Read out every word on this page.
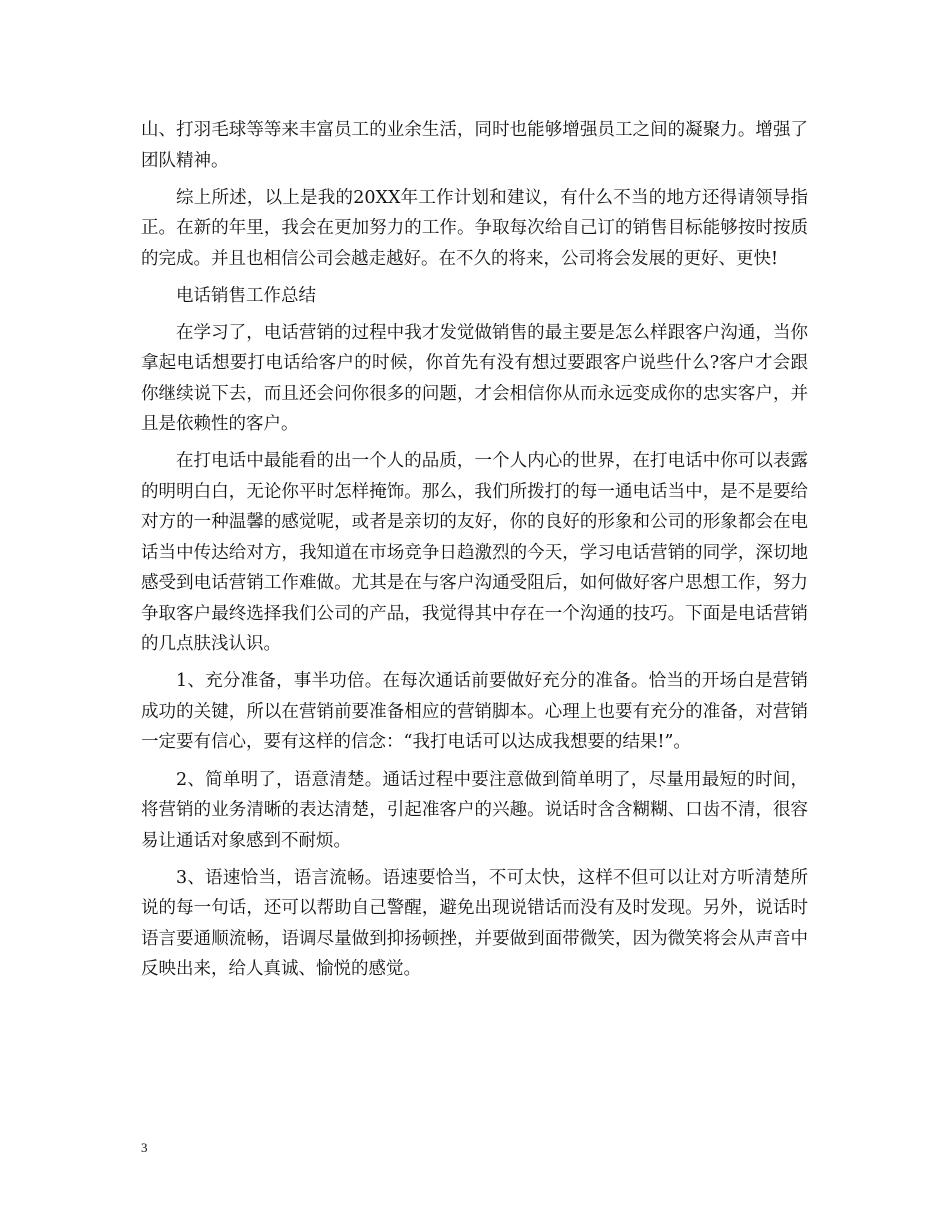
山、打羽毛球等等来丰富员工的业余生活，同时也能够增强员工之间的凝聚力。增强了团队精神。

综上所述，以上是我的20XX年工作计划和建议，有什么不当的地方还得请领导指正。在新的年里，我会在更加努力的工作。争取每次给自己订的销售目标能够按时按质的完成。并且也相信公司会越走越好。在不久的将来，公司将会发展的更好、更快!

电话销售工作总结

在学习了，电话营销的过程中我才发觉做销售的最主要是怎么样跟客户沟通，当你拿起电话想要打电话给客户的时候，你首先有没有想过要跟客户说些什么?客户才会跟你继续说下去，而且还会问你很多的问题，才会相信你从而永远变成你的忠实客户，并且是依赖性的客户。

在打电话中最能看的出一个人的品质，一个人内心的世界，在打电话中你可以表露的明明白白，无论你平时怎样掩饰。那么，我们所拨打的每一通电话当中，是不是要给对方的一种温馨的感觉呢，或者是亲切的友好，你的良好的形象和公司的形象都会在电话当中传达给对方，我知道在市场竞争日趋激烈的今天，学习电话营销的同学，深切地感受到电话营销工作难做。尤其是在与客户沟通受阻后，如何做好客户思想工作，努力争取客户最终选择我们公司的产品，我觉得其中存在一个沟通的技巧。下面是电话营销的几点肤浅认识。

1、充分准备，事半功倍。在每次通话前要做好充分的准备。恰当的开场白是营销成功的关键，所以在营销前要准备相应的营销脚本。心理上也要有充分的准备，对营销一定要有信心，要有这样的信念：“我打电话可以达成我想要的结果!”。

2、简单明了，语意清楚。通话过程中要注意做到简单明了，尽量用最短的时间，将营销的业务清晰的表达清楚，引起准客户的兴趣。说话时含含糊糊、口齿不清，很容易让通话对象感到不耐烦。

3、语速恰当，语言流畅。语速要恰当，不可太快，这样不但可以让对方听清楚所说的每一句话，还可以帮助自己警醒，避免出现说错话而没有及时发现。另外，说话时语言要通顺流畅，语调尽量做到抑扬顿挫，并要做到面带微笑，因为微笑将会从声音中反映出来，给人真诚、愉悦的感觉。

3
